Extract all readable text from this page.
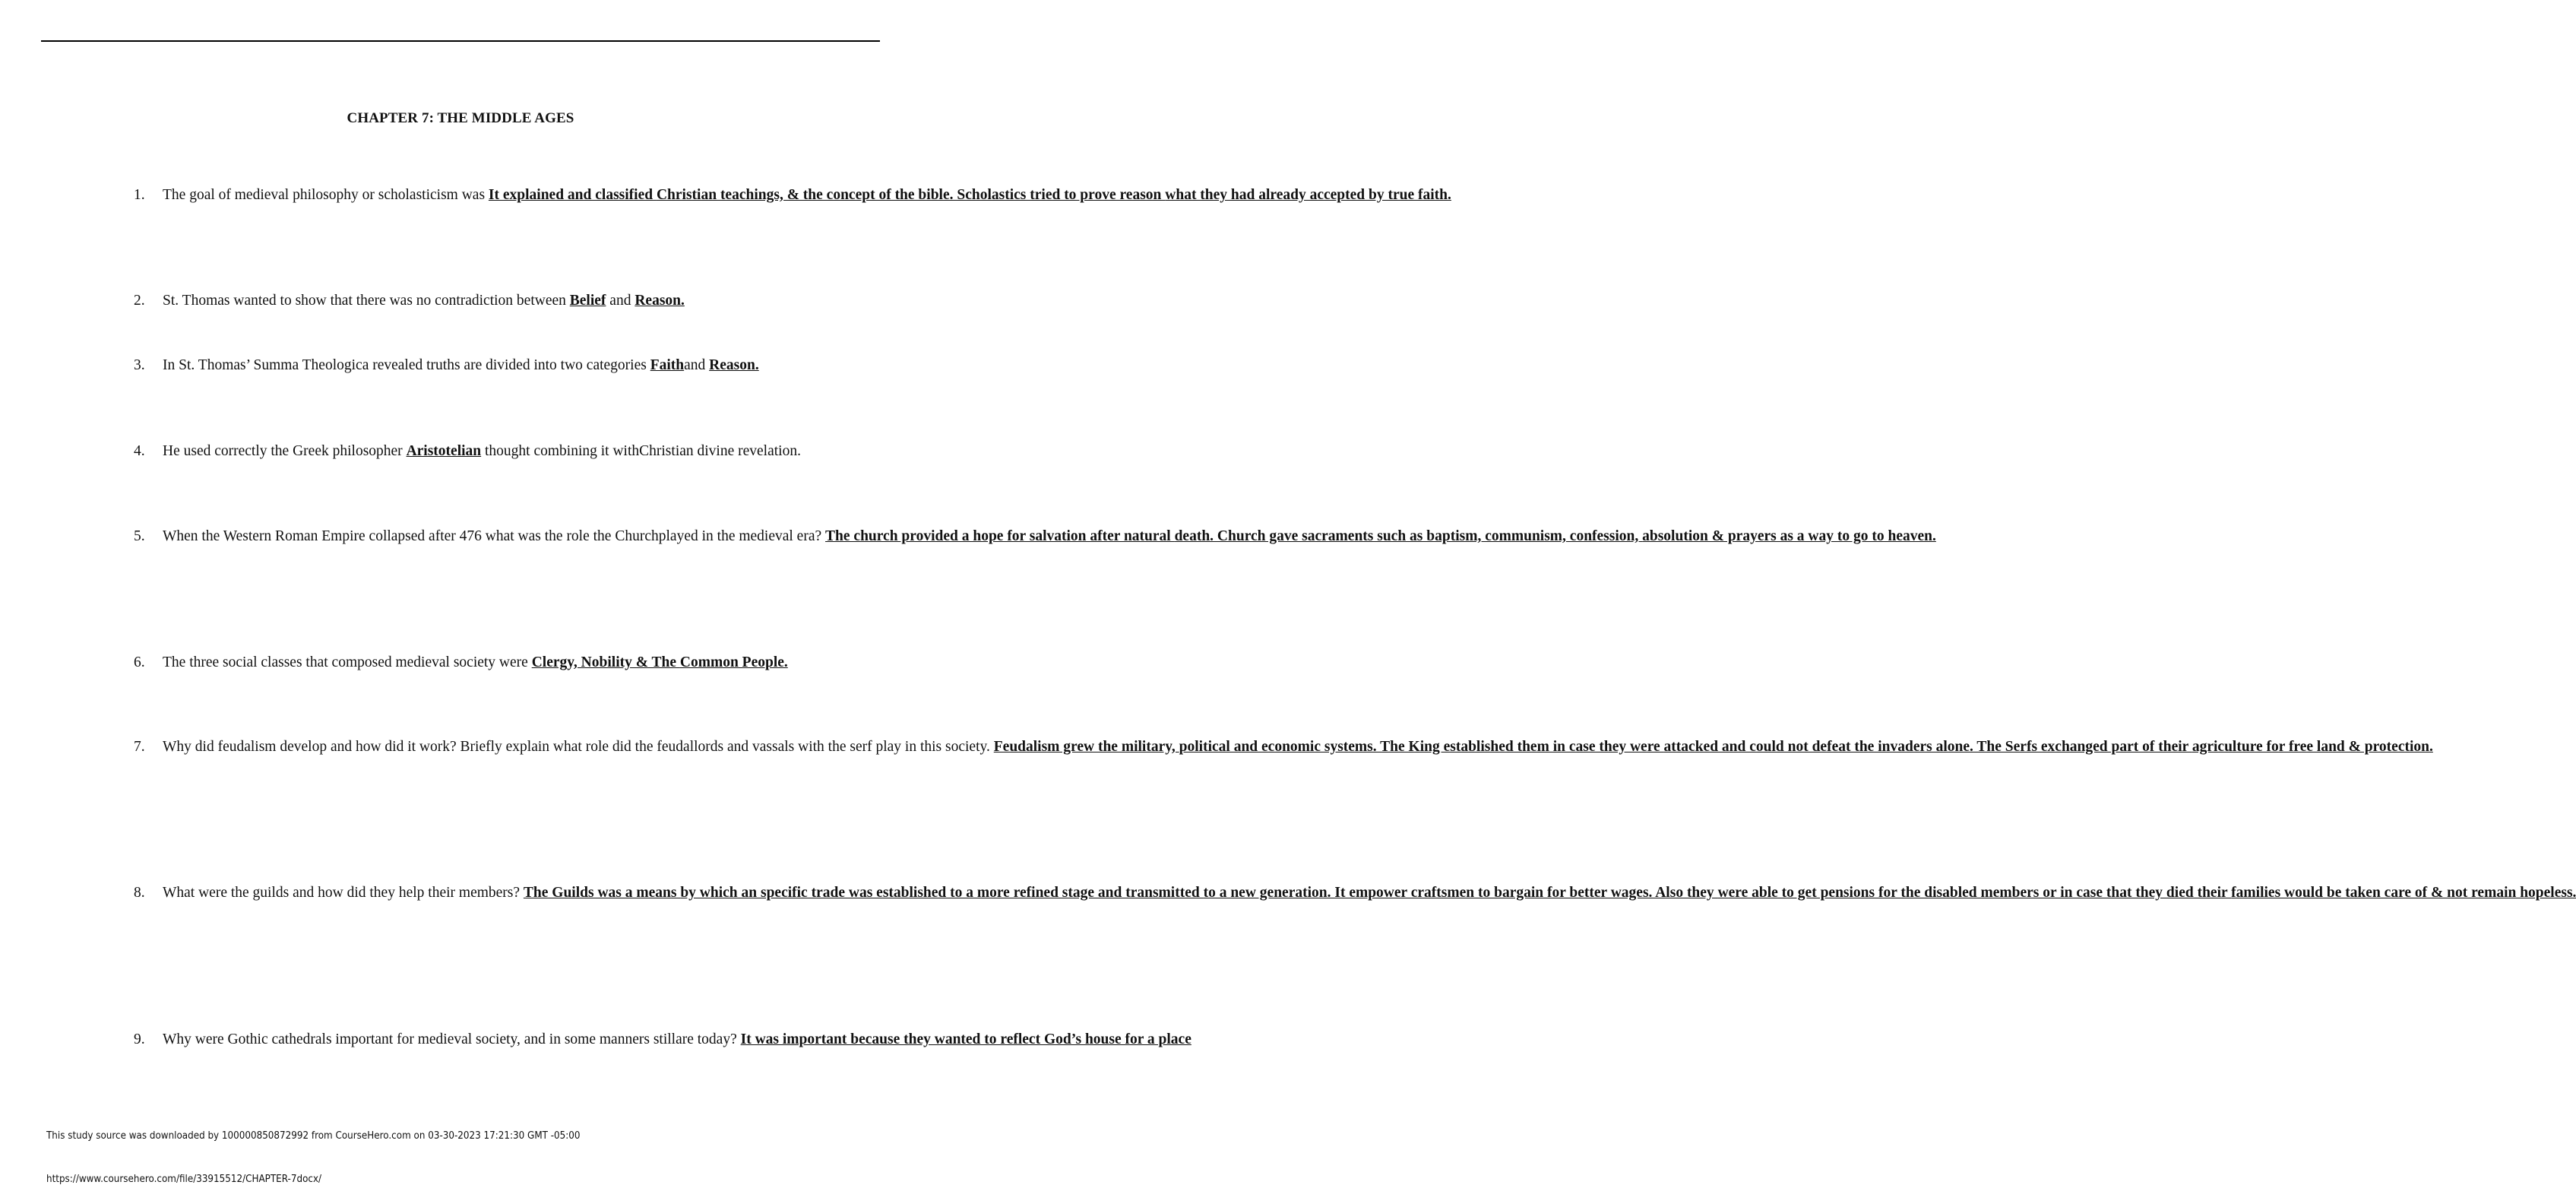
CHAPTER 7: THE MIDDLE AGES
1.	The goal of medieval philosophy or scholasticism was It explained and classified Christian teachings, & the concept of the bible. Scholastics tried to prove reason what they had already accepted by true faith.
2.	St. Thomas wanted to show that there was no contradiction between Belief and Reason.
3.	In St. Thomas’ Summa Theologica revealed truths are divided into two categories Faithand Reason.
4.	He used correctly the Greek philosopher Aristotelian thought combining it withChristian divine revelation.
5.	When the Western Roman Empire collapsed after 476 what was the role the Churchplayed in the medieval era? The church provided a hope for salvation after natural death. Church gave sacraments such as baptism, communism, confession, absolution & prayers as a way to go to heaven.
6.	The three social classes that composed medieval society were Clergy, Nobility & The Common People.
7.	Why did feudalism develop and how did it work? Briefly explain what role did the feudallords and vassals with the serf play in this society. Feudalism grew the military, political and economic systems. The King established them in case they were attacked and could not defeat the invaders alone. The Serfs exchanged part of their agriculture for free land & protection.
8.	What were the guilds and how did they help their members? The Guilds was a means by which an specific trade was established to a more refined stage and transmitted to a new generation. It empower craftsmen to bargain for better wages. Also they were able to get pensions for the disabled members or in case that they died their families would be taken care of & not remain hopeless.
9.	Why were Gothic cathedrals important for medieval society, and in some manners stillare today? It was important because they wanted to reflect God’s house for a place
This study source was downloaded by 100000850872992 from CourseHero.com on 03-30-2023 17:21:30 GMT -05:00
https://www.coursehero.com/file/33915512/CHAPTER-7docx/
